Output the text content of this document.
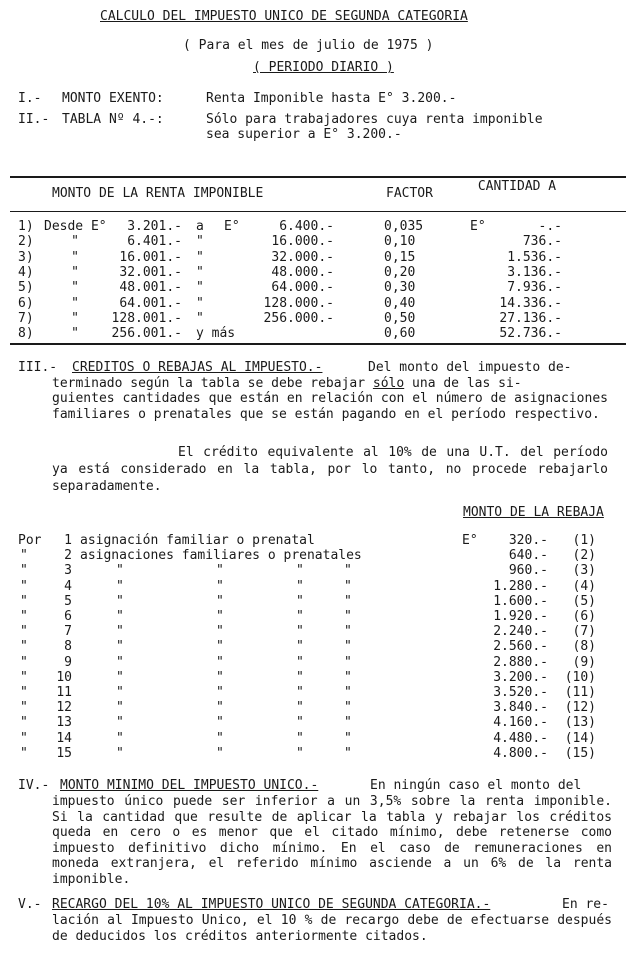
CALCULO DEL IMPUESTO UNICO DE SEGUNDA CATEGORIA
( Para el mes de julio de 1975 )
( PERIODO DIARIO )
I.- MONTO EXENTO:	Renta Imponible hasta E° 3.200.-
II.- TABLA Nº 4.-:	Sólo para trabajadores cuya renta imponible
sea superior a E° 3.200.-
MONTO DE LA RENTA IMPONIBLE	FACTOR	CANTIDAD A
1) Desde E°	3.201.- a E°	6.400.-	0,035	E°	-.-
2)	"	6.401.- "	16.000.-	0,10	736.-
3)	"	16.001.- "	32.000.-	0,15	1.536.-
4)	"	32.001.- "	48.000.-	0,20	3.136.-
5)	"	48.001.- "	64.000.-	0,30	7.936.-
6)	"	64.001.- "	128.000.-	0,40	14.336.-
7)	"	128.001.- "	256.000.-	0,50	27.136.-
8)	"	256.001.- y más	0,60	52.736.-
III.- CREDITOS O REBAJAS AL IMPUESTO.-	Del monto del impuesto de-
terminado según la tabla se debe rebajar sólo una de las si-
guientes cantidades que están en relación con el número de asignaciones familiares o prenatales que se están pagando en el período respectivo.
El crédito equivalente al 10% de una U.T. del período ya está considerado en la tabla, por lo tanto, no procede rebajarlo separadamente.
MONTO DE LA REBAJA
Por	1 asignación familiar o prenatal	E°	320.-	(1)
"	2 asignaciones familiares o prenatales	640.-	(2)
"	3	"	"	"	"	960.-	(3)
"	4	"	"	"	"	1.280.-	(4)
"	5	"	"	"	"	1.600.-	(5)
"	6	"	"	"	"	1.920.-	(6)
"	7	"	"	"	"	2.240.-	(7)
"	8	"	"	"	"	2.560.-	(8)
"	9	"	"	"	"	2.880.-	(9)
"	10	"	"	"	"	3.200.-	(10)
"	11	"	"	"	"	3.520.-	(11)
"	12	"	"	"	"	3.840.-	(12)
"	13	"	"	"	"	4.160.-	(13)
"	14	"	"	"	"	4.480.-	(14)
"	15	"	"	"	"	4.800.-	(15)
IV.- MONTO MINIMO DEL IMPUESTO UNICO.-	En ningún caso el monto del
impuesto único puede ser inferior a un 3,5% sobre la renta imponible. Si la cantidad que resulte de aplicar la tabla y rebajar los créditos queda en cero o es menor que el citado mínimo, debe retenerse como impuesto definitivo dicho mínimo. En el caso de remuneraciones en moneda extranjera, el referido mínimo asciende a un 6% de la renta imponible.
V.- RECARGO DEL 10% AL IMPUESTO UNICO DE SEGUNDA CATEGORIA.-	En re-
lación al Impuesto Unico, el 10 % de recargo debe de efectuarse después de deducidos los créditos anteriormente citados.
